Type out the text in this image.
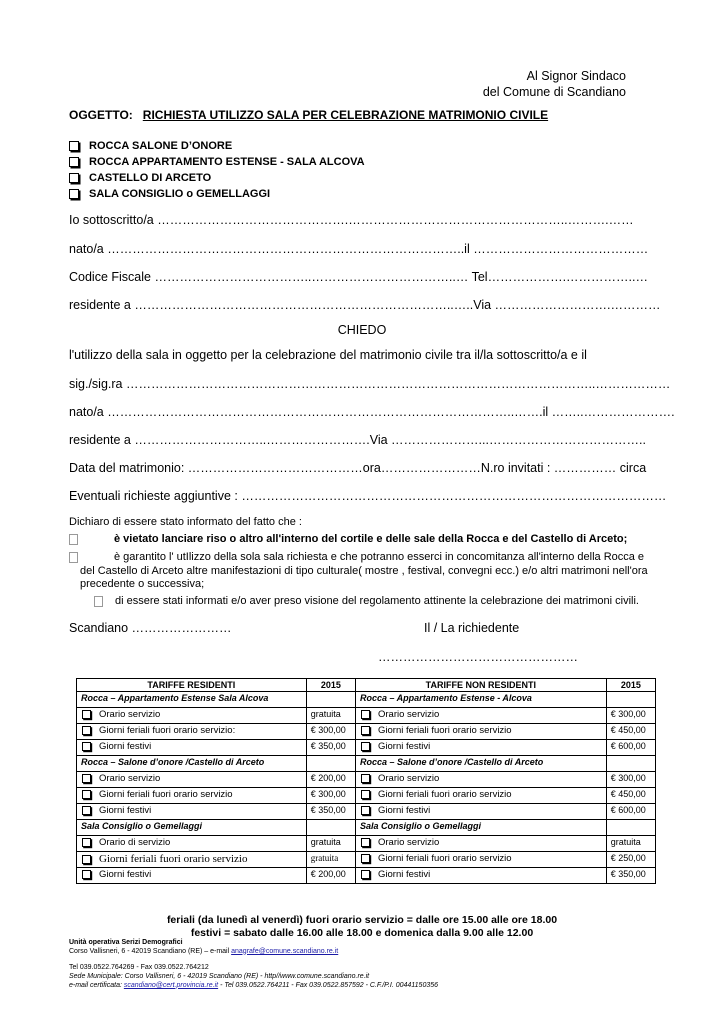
Al Signor Sindaco
del Comune di Scandiano
OGGETTO: RICHIESTA UTILIZZO SALA PER CELEBRAZIONE MATRIMONIO CIVILE
ROCCA SALONE D’ONORE
ROCCA APPARTAMENTO ESTENSE - SALA ALCOVA
CASTELLO DI ARCETO
SALA CONSIGLIO o GEMELLAGGI
Io sottoscritto/a ……………………………………….……………………………………………..……….……
nato/a …………………………………………………………………………..il ……………………………………
Codice Fiscale ………………………………..……………………………..… Tel……………….……………..…
residente a …………………………………………………………………..…..Via ……………………….…………
CHIEDO
l'utilizzo della sala in oggetto per la celebrazione del matrimonio civile tra il/la sottoscritto/a e il
sig./sig.ra …………………………………………………………………………………………………..………………
nato/a ……………………………………………………………………………………..…….il ……..………………….
residente a …………………………..…………………….Via …………………...………………………………..
Data del matrimonio: ……………………………………ora……………………N.ro invitati : …………… circa
Eventuali richieste aggiuntive : …………………………………………………………………………………………
Dichiaro di essere stato informato del fatto che :
è vietato lanciare riso o altro all'interno del cortile e delle sale della Rocca e del Castello di Arceto;
è garantito l' utIlizzo della sola sala richiesta e che potranno esserci in concomitanza all'interno della Rocca e
del Castello di Arceto altre manifestazioni di tipo culturale( mostre , festival, convegni ecc.) e/o altri matrimoni nell'ora
precedente o successiva;
di essere stati informati e/o aver preso visione del regolamento attinente la celebrazione dei matrimoni civili.
Scandiano ……………………	Il / La richiedente
…………………………………………
TARIFFE RESIDENTI	2015	TARIFFE NON RESIDENTI	2015
Rocca – Appartamento Estense Sala Alcova		Rocca – Appartamento Estense - Alcova	
Orario servizio	gratuita	Orario servizio	€ 300,00
Giorni feriali fuori orario servizio:	€ 300,00	Giorni feriali fuori orario servizio	€ 450,00
Giorni festivi	€ 350,00	Giorni festivi	€ 600,00
Rocca – Salone d’onore /Castello di Arceto		Rocca – Salone d’onore /Castello di Arceto	
Orario servizio	€ 200,00	Orario servizio	€ 300,00
Giorni feriali fuori orario servizio	€ 300,00	Giorni feriali fuori orario servizio	€ 450,00
Giorni festivi	€ 350,00	Giorni festivi	€ 600,00
Sala Consiglio o Gemellaggi		Sala Consiglio o Gemellaggi	
Orario di servizio	gratuita	Orario servizio	gratuita
Giorni feriali fuori orario servizio	gratuita	Giorni feriali fuori orario servizio	€ 250,00
Giorni festivi	€ 200,00	Giorni festivi	€ 350,00
feriali (da lunedì al venerdì) fuori orario servizio = dalle ore 15.00 alle ore 18.00
festivi = sabato dalle 16.00 alle 18.00 e domenica dalla 9.00 alle 12.00
Unità operativa Serizi Demografici
Corso Vallisneri, 6 - 42019 Scandiano (RE) – e-mail anagrafe@comune.scandiano.re.it
Tel 039.0522.764269 - Fax 039.0522.764212
Sede Municipale: Corso Vallisneri, 6 - 42019 Scandiano (RE) - http//www.comune.scandiano.re.it
e-mail certificata: scandiano@cert.provincia.re.it - Tel 039.0522.764211 - Fax 039.0522.857592 - C.F./P.I. 00441150356
